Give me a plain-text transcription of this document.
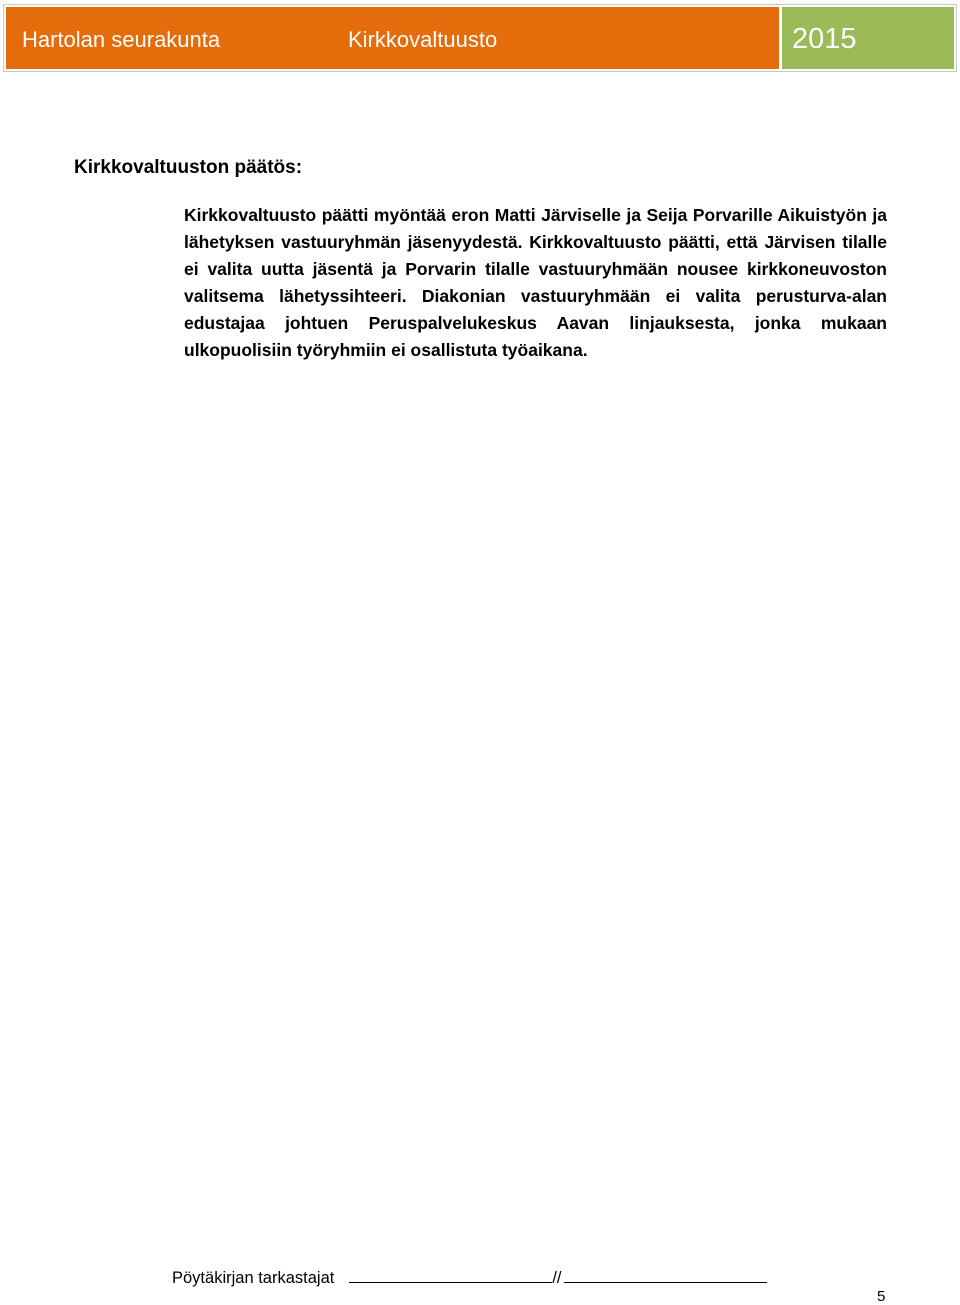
Hartolan seurakunta	Kirkkovaltuusto	2015
Kirkkovaltuuston päätös:

Kirkkovaltuusto päätti myöntää eron Matti Järviselle ja Seija Porvarille Aikuistyön ja lähetyksen vastuuryhmän jäsenyydestä. Kirkkovaltuusto päätti, että Järvisen tilalle ei valita uutta jäsentä ja Porvarin tilalle vastuuryhmään nousee kirkkoneuvoston valitsema lähetyssihteeri. Diakonian vastuuryhmään ei valita perusturva-alan edustajaa johtuen Peruspalvelukeskus Aavan linjauksesta, jonka mukaan ulkopuolisiin työryhmiin ei osallistuta työaikana.

Pöytäkirjan tarkastajat	//
5
